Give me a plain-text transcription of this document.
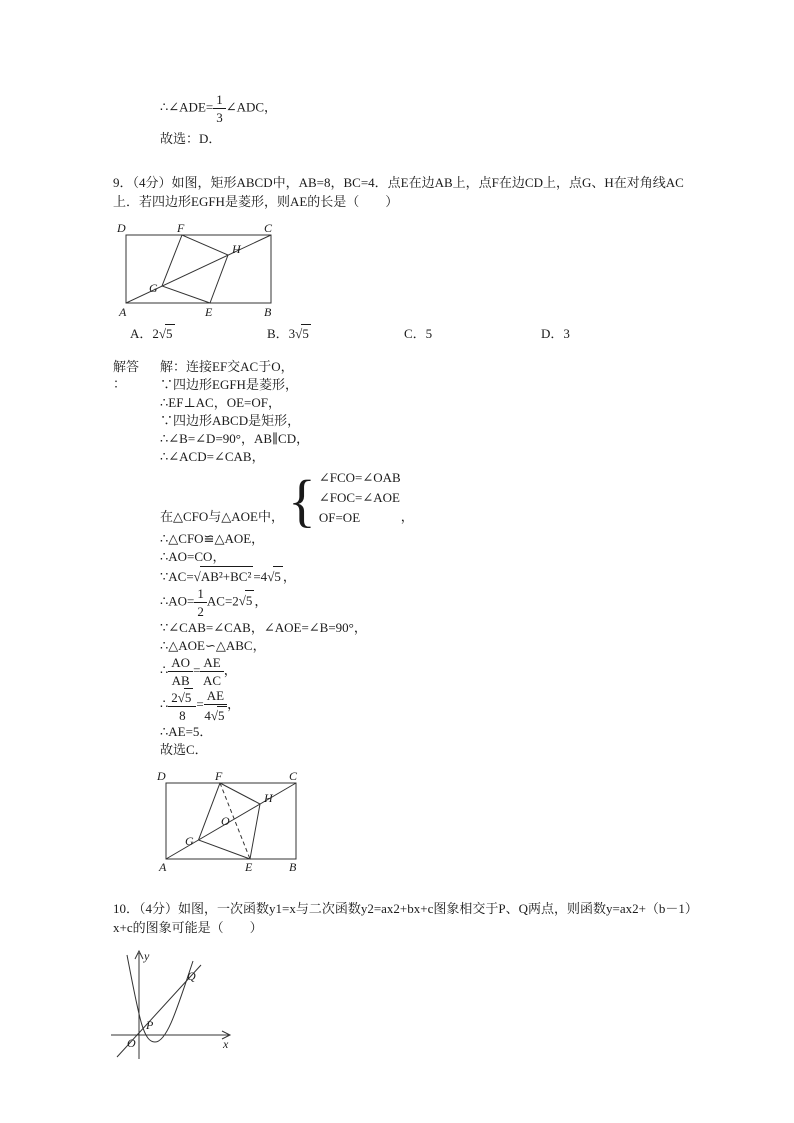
∴∠ADE= $\frac{1}{3}$ ∠ADC，
故选：D．
9．（4分）如图，矩形ABCD中，AB=8，BC=4．点E在边AB上，点F在边CD上，点G、H在对角线AC上．若四边形EGFH是菱形，则AE的长是（　　）
D	F	C
A	E	B
G
H
A．2√5	B．3√5	C．5	D．3
解答
：
解：连接EF交AC于O，
∵四边形EGFH是菱形，
∴EF⊥AC，OE=OF，
∵四边形ABCD是矩形，
∴∠B=∠D=90°，AB∥CD，
∴∠ACD=∠CAB，
在△CFO与△AOE中， { ∠FCO=∠OAB
∠FOC=∠AOE
OF=OE	，
∴△CFO≌△AOE，
∴AO=CO，
∵AC=√AB²+BC² =4√5 ，
∴AO= $\frac{1}{2} AC=2√5$ ，
∵∠CAB=∠CAB，∠AOE=∠B=90°，
∴△AOE∽△ABC，
∴ $\frac{AO}{AB} = \frac{AE}{AC}$ ，
∴ $\frac{2√5}{8} = \frac{AE}{4√5}$ ，
∴AE=5．
故选C．
D	F	C
A	E	B
G
O
H
10．（4分）如图，一次函数y1=x与二次函数y2=ax2+bx+c图象相交于P、Q两点，则函数y=ax2+（b－1）x+c的图象可能是（　　）
y
x
O
P
Q
